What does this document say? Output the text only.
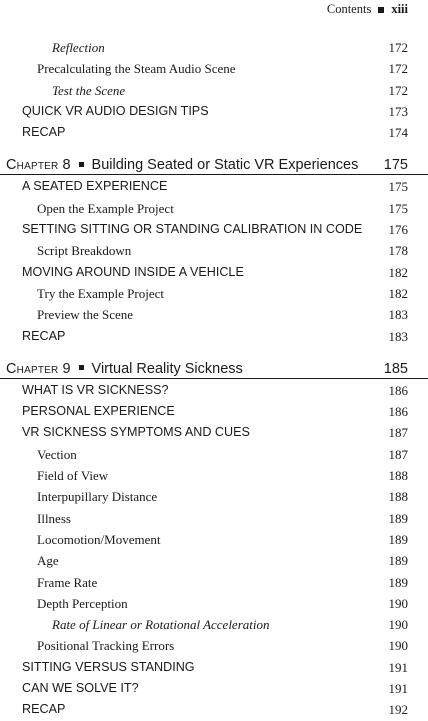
Contents xiii
Reflection	172
Precalculating the Steam Audio Scene	172
Test the Scene	172
QUICK VR AUDIO DESIGN TIPS	173
RECAP	174
Chapter 8 Building Seated or Static VR Experiences 175
A SEATED EXPERIENCE	175
Open the Example Project	175
SETTING SITTING OR STANDING CALIBRATION IN CODE 176
Script Breakdown	178
MOVING AROUND INSIDE A VEHICLE	182
Try the Example Project	182
Preview the Scene	183
RECAP	183
Chapter 9 Virtual Reality Sickness	185
WHAT IS VR SICKNESS?	186
PERSONAL EXPERIENCE	186
VR SICKNESS SYMPTOMS AND CUES	187
Vection	187
Field of View	188
Interpupillary Distance	188
Illness	189
Locomotion/Movement	189
Age	189
Frame Rate	189
Depth Perception	190
Rate of Linear or Rotational Acceleration	190
Positional Tracking Errors	190
SITTING VERSUS STANDING	191
CAN WE SOLVE IT?	191
RECAP	192
